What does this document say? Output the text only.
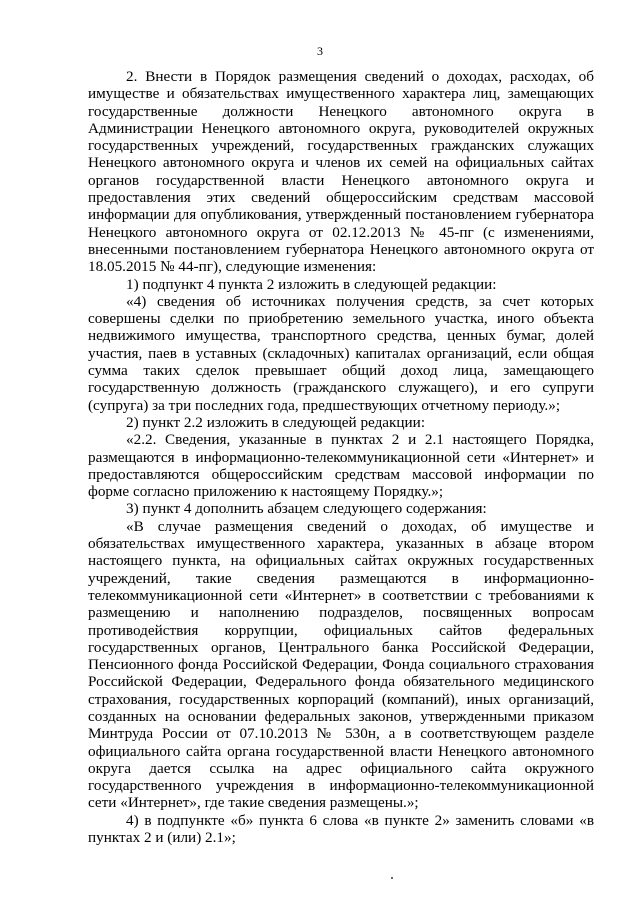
3

2. Внести в Порядок размещения сведений о доходах, расходах, об имуществе и обязательствах имущественного характера лиц, замещающих государственные должности Ненецкого автономного округа в Администрации Ненецкого автономного округа, руководителей окружных государственных учреждений, государственных гражданских служащих Ненецкого автономного округа и членов их семей на официальных сайтах органов государственной власти Ненецкого автономного округа и предоставления этих сведений общероссийским средствам массовой информации для опубликования, утвержденный постановлением губернатора Ненецкого автономного округа от 02.12.2013 № 45-пг (с изменениями, внесенными постановлением губернатора Ненецкого автономного округа от 18.05.2015 № 44-пг), следующие изменения:

1) подпункт 4 пункта 2 изложить в следующей редакции:

«4) сведения об источниках получения средств, за счет которых совершены сделки по приобретению земельного участка, иного объекта недвижимого имущества, транспортного средства, ценных бумаг, долей участия, паев в уставных (складочных) капиталах организаций, если общая сумма таких сделок превышает общий доход лица, замещающего государственную должность (гражданского служащего), и его супруги (супруга) за три последних года, предшествующих отчетному периоду.»;

2) пункт 2.2 изложить в следующей редакции:

«2.2. Сведения, указанные в пунктах 2 и 2.1 настоящего Порядка, размещаются в информационно-телекоммуникационной сети «Интернет» и предоставляются общероссийским средствам массовой информации по форме согласно приложению к настоящему Порядку.»;

3) пункт 4 дополнить абзацем следующего содержания:

«В случае размещения сведений о доходах, об имуществе и обязательствах имущественного характера, указанных в абзаце втором настоящего пункта, на официальных сайтах окружных государственных учреждений, такие сведения размещаются в информационно-телекоммуникационной сети «Интернет» в соответствии с требованиями к размещению и наполнению подразделов, посвященных вопросам противодействия коррупции, официальных сайтов федеральных государственных органов, Центрального банка Российской Федерации, Пенсионного фонда Российской Федерации, Фонда социального страхования Российской Федерации, Федерального фонда обязательного медицинского страхования, государственных корпораций (компаний), иных организаций, созданных на основании федеральных законов, утвержденными приказом Минтруда России от 07.10.2013 № 530н, а в соответствующем разделе официального сайта органа государственной власти Ненецкого автономного округа дается ссылка на адрес официального сайта окружного государственного учреждения в информационно-телекоммуникационной сети «Интернет», где такие сведения размещены.»;

4) в подпункте «б» пункта 6 слова «в пункте 2» заменить словами «в пунктах 2 и (или) 2.1»;
